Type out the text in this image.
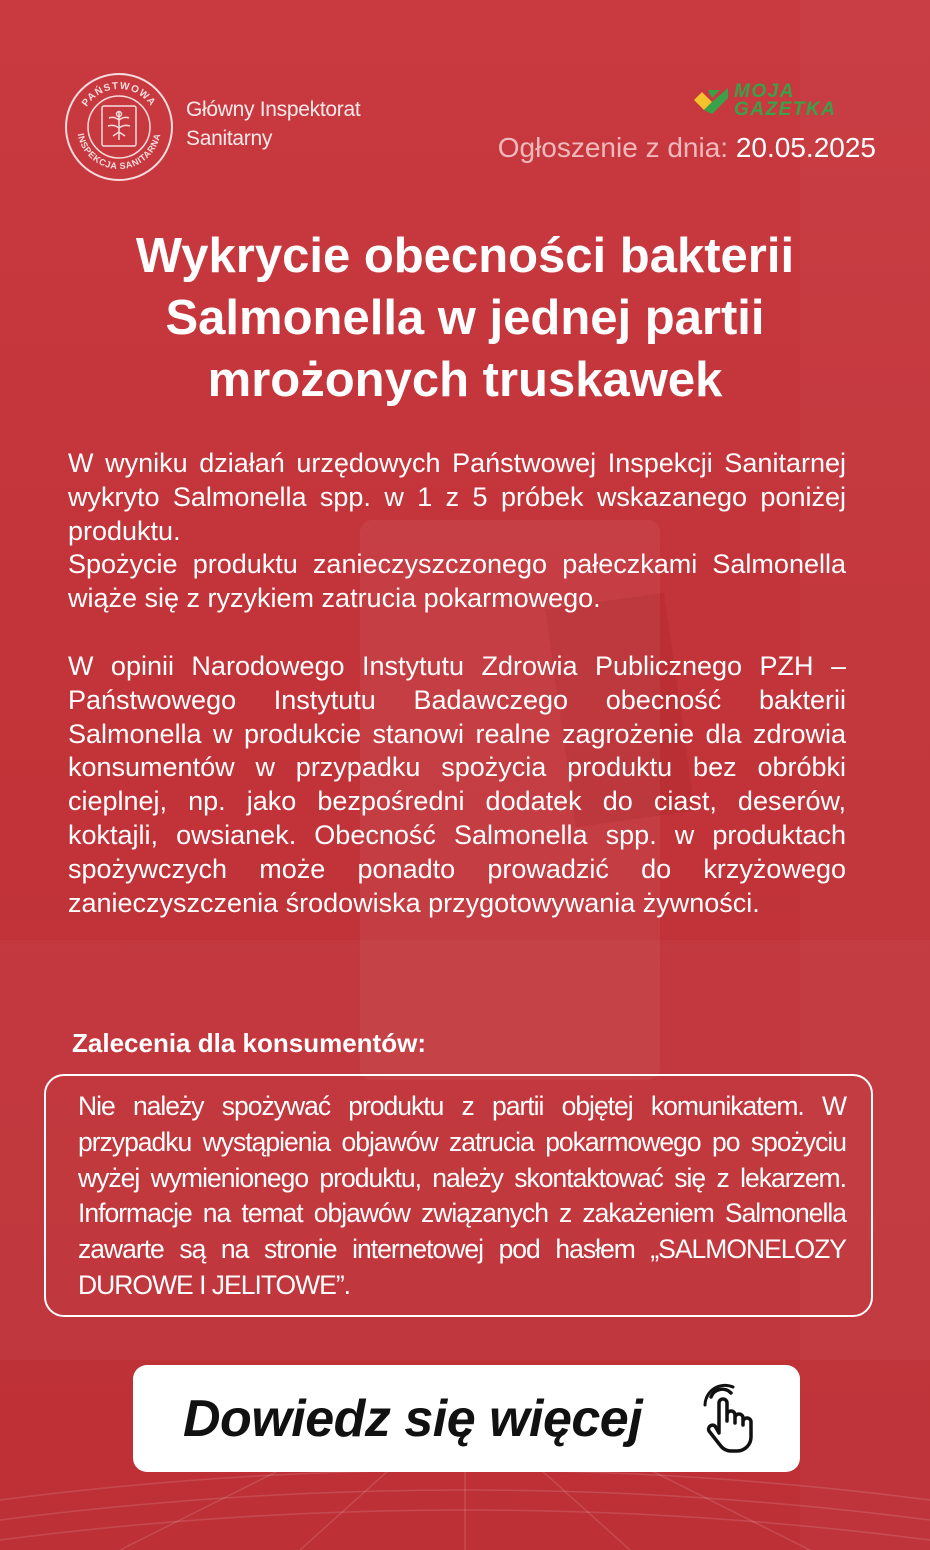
PAŃSTWOWA
INSPEKCJA SANITARNA
Główny Inspektorat
Sanitarny
MOJA
GAZETKA
Ogłoszenie z dnia: 20.05.2025
Wykrycie obecności bakterii Salmonella w jednej partii mrożonych truskawek

W wyniku działań urzędowych Państwowej Inspekcji Sanitarnej wykryto Salmonella spp. w 1 z 5 próbek wskazanego poniżej produktu.

Spożycie produktu zanieczyszczonego pałeczkami Salmonella wiąże się z ryzykiem zatrucia pokarmowego.

W opinii Narodowego Instytutu Zdrowia Publicznego PZH – Państwowego Instytutu Badawczego obecność bakterii Salmonella w produkcie stanowi realne zagrożenie dla zdrowia konsumentów w przypadku spożycia produktu bez obróbki cieplnej, np. jako bezpośredni dodatek do ciast, deserów, koktajli, owsianek. Obecność Salmonella spp. w produktach spożywczych może ponadto prowadzić do krzyżowego zanieczyszczenia środowiska przygotowywania żywności.

Zalecenia dla konsumentów:
Nie należy spożywać produktu z partii objętej komunikatem. W przypadku wystąpienia objawów zatrucia pokarmowego po spożyciu wyżej wymienionego produktu, należy skontaktować się z lekarzem. Informacje na temat objawów związanych z zakażeniem Salmonella zawarte są na stronie internetowej pod hasłem „SALMONELOZY DUROWE I JELITOWE”.
Dowiedz się więcej
